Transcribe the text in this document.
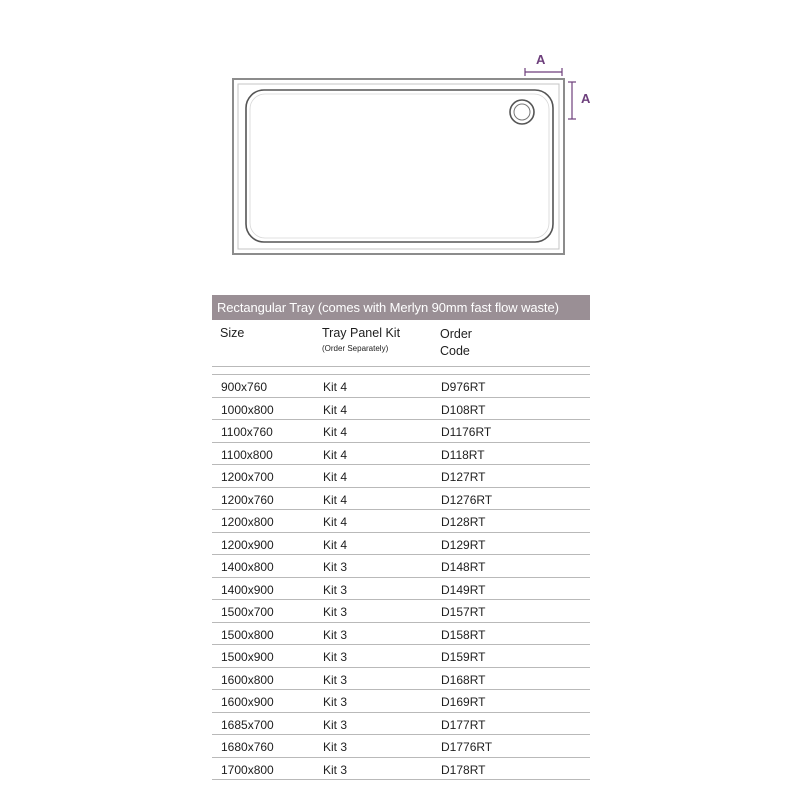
A
A
Rectangular Tray (comes with Merlyn 90mm fast flow waste)
Size	Tray Panel Kit
(Order Separately)
Order Code
900x760	Kit 4	D976RT
1000x800	Kit 4	D108RT
1100x760	Kit 4	D1176RT
1100x800	Kit 4	D118RT
1200x700	Kit 4	D127RT
1200x760	Kit 4	D1276RT
1200x800	Kit 4	D128RT
1200x900	Kit 4	D129RT
1400x800	Kit 3	D148RT
1400x900	Kit 3	D149RT
1500x700	Kit 3	D157RT
1500x800	Kit 3	D158RT
1500x900	Kit 3	D159RT
1600x800	Kit 3	D168RT
1600x900	Kit 3	D169RT
1685x700	Kit 3	D177RT
1680x760	Kit 3	D1776RT
1700x800	Kit 3	D178RT
